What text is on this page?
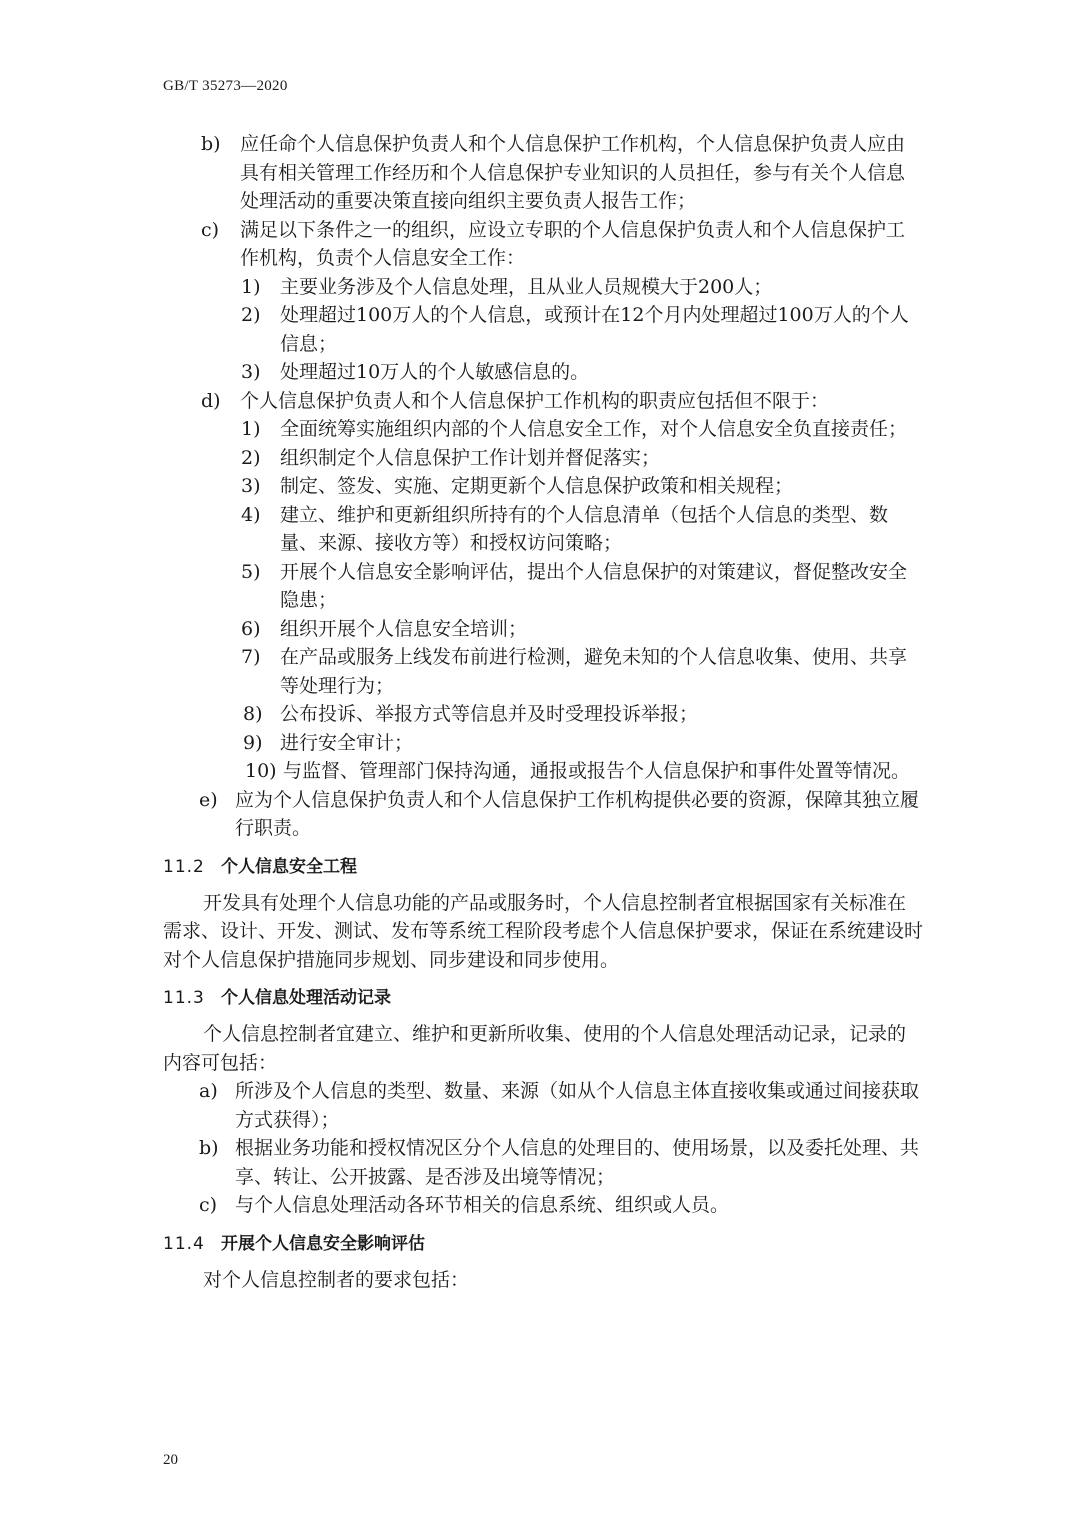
GB/T 35273—2020
b) 应任命个人信息保护负责人和个人信息保护工作机构，个人信息保护负责人应由具有相关管理工作经历和个人信息保护专业知识的人员担任，参与有关个人信息处理活动的重要决策直接向组织主要负责人报告工作；
c) 满足以下条件之一的组织，应设立专职的个人信息保护负责人和个人信息保护工作机构，负责个人信息安全工作：
1) 主要业务涉及个人信息处理，且从业人员规模大于200人；
2) 处理超过100万人的个人信息，或预计在12个月内处理超过100万人的个人信息；
3) 处理超过10万人的个人敏感信息的。
d) 个人信息保护负责人和个人信息保护工作机构的职责应包括但不限于：
1) 全面统筹实施组织内部的个人信息安全工作，对个人信息安全负直接责任；
2) 组织制定个人信息保护工作计划并督促落实；
3) 制定、签发、实施、定期更新个人信息保护政策和相关规程；
4) 建立、维护和更新组织所持有的个人信息清单（包括个人信息的类型、数量、来源、接收方等）和授权访问策略；
5) 开展个人信息安全影响评估，提出个人信息保护的对策建议，督促整改安全隐患；
6) 组织开展个人信息安全培训；
7) 在产品或服务上线发布前进行检测，避免未知的个人信息收集、使用、共享等处理行为；
8) 公布投诉、举报方式等信息并及时受理投诉举报；
9) 进行安全审计；
10) 与监督、管理部门保持沟通，通报或报告个人信息保护和事件处置等情况。
e) 应为个人信息保护负责人和个人信息保护工作机构提供必要的资源，保障其独立履行职责。
11.2 个人信息安全工程
开发具有处理个人信息功能的产品或服务时，个人信息控制者宜根据国家有关标准在需求、设计、开发、测试、发布等系统工程阶段考虑个人信息保护要求，保证在系统建设时对个人信息保护措施同步规划、同步建设和同步使用。
11.3 个人信息处理活动记录
个人信息控制者宜建立、维护和更新所收集、使用的个人信息处理活动记录，记录的内容可包括：
a) 所涉及个人信息的类型、数量、来源（如从个人信息主体直接收集或通过间接获取方式获得）；
b) 根据业务功能和授权情况区分个人信息的处理目的、使用场景，以及委托处理、共享、转让、公开披露、是否涉及出境等情况；
c) 与个人信息处理活动各环节相关的信息系统、组织或人员。
11.4 开展个人信息安全影响评估
对个人信息控制者的要求包括：
20
